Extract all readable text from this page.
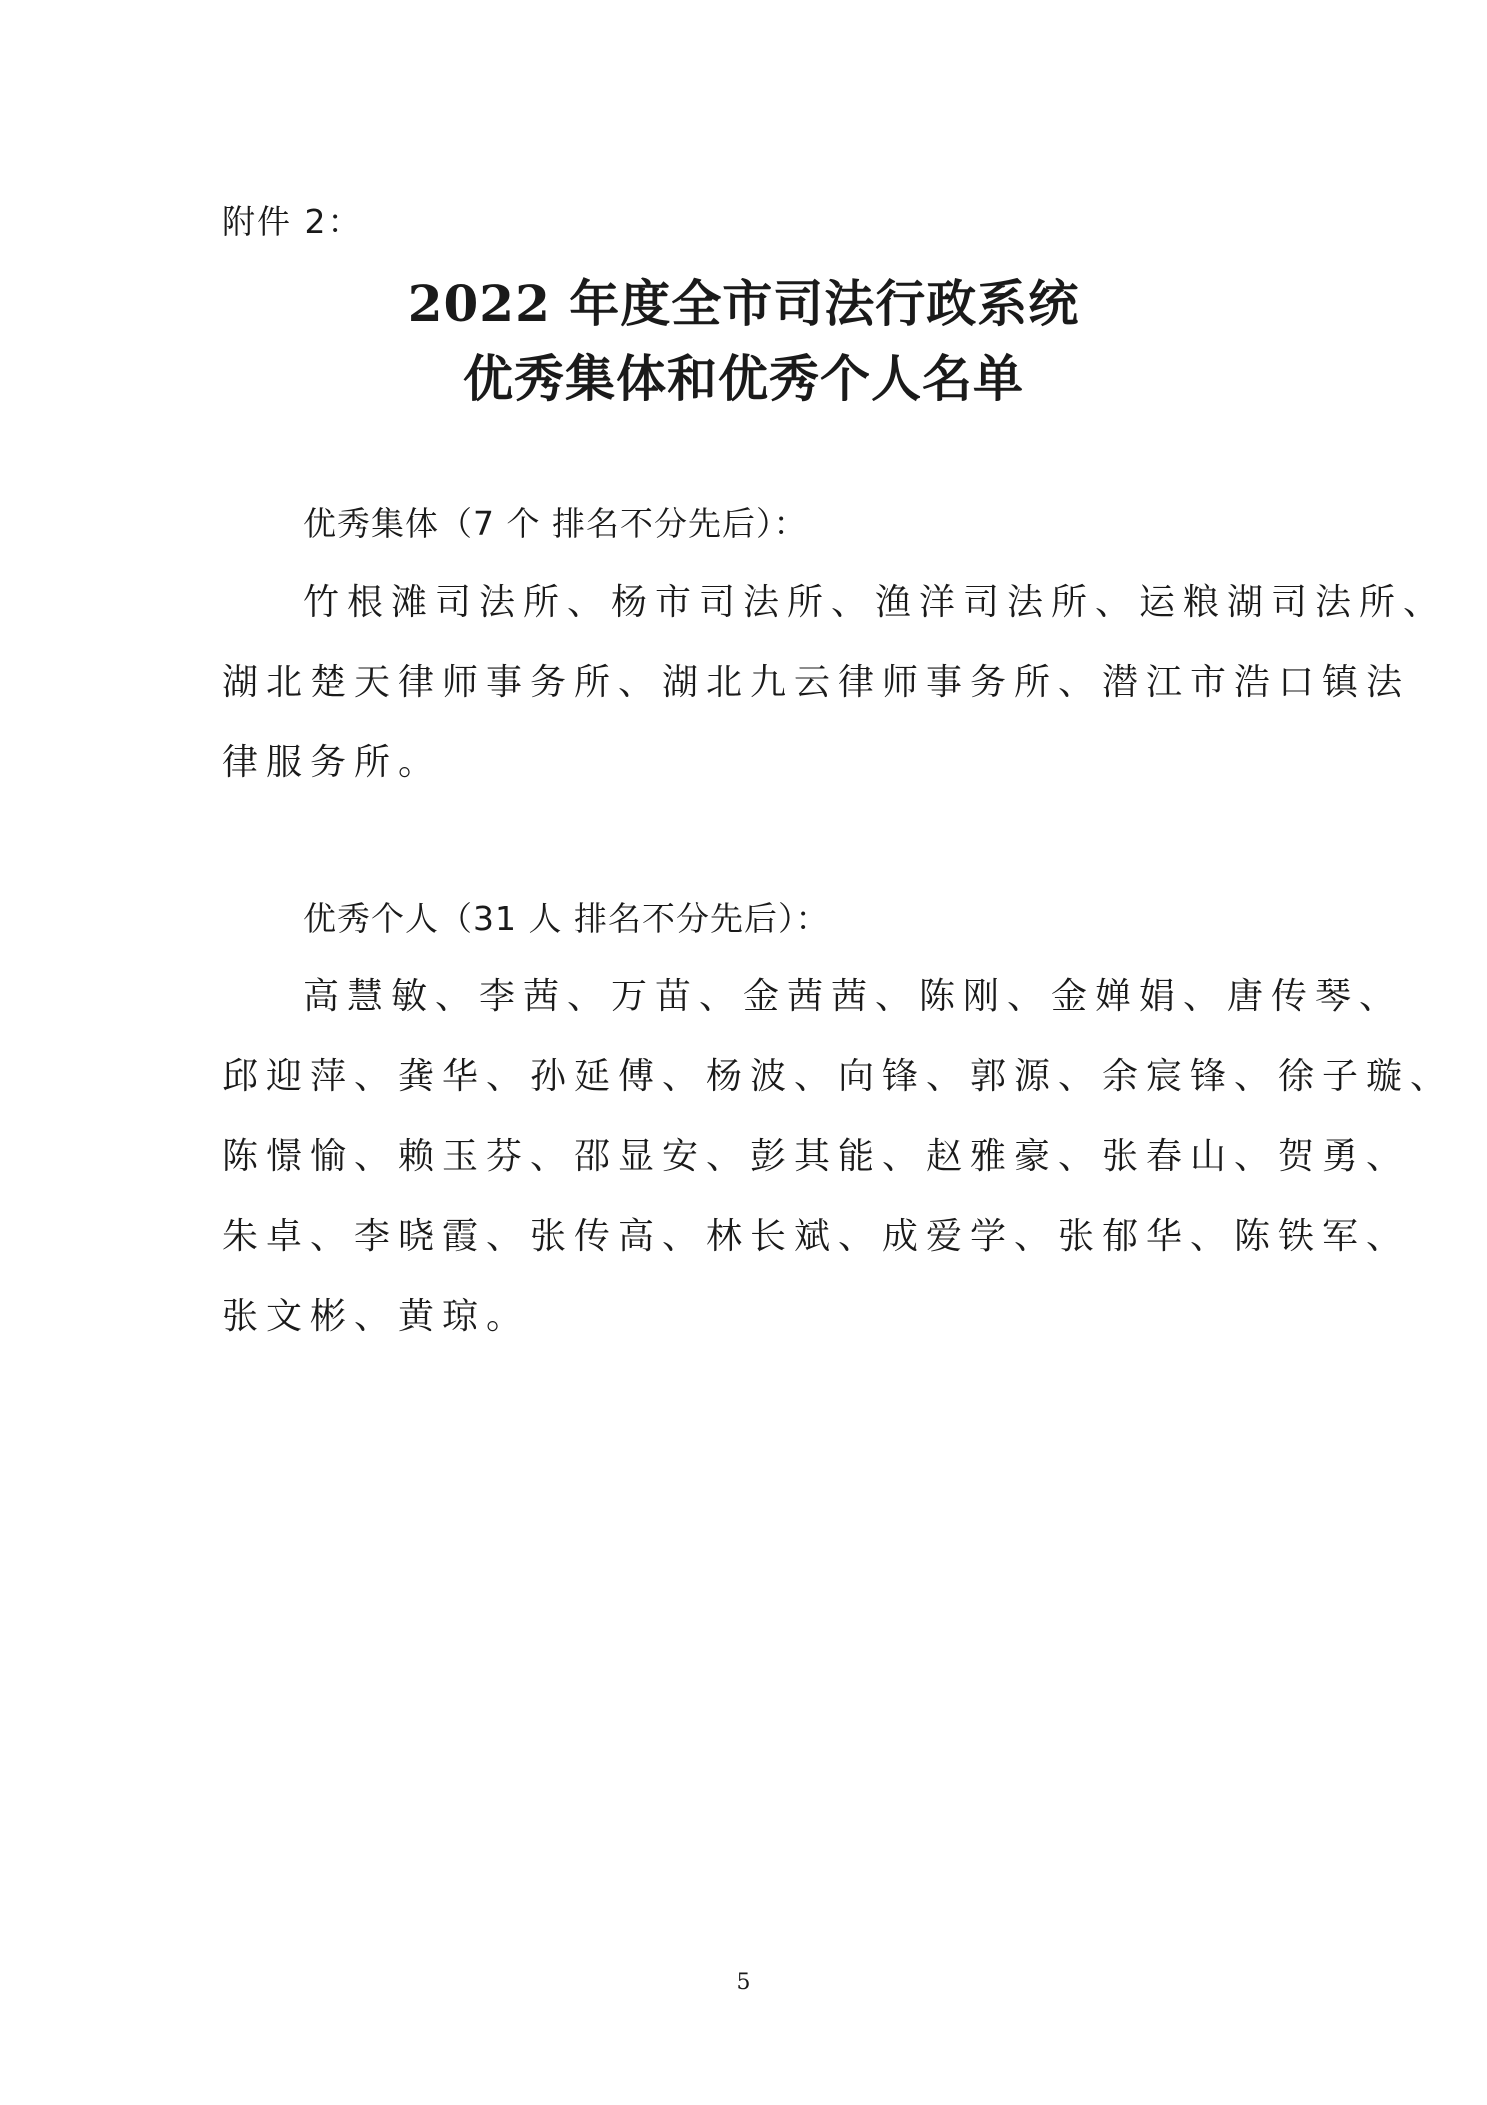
附件 2：
2022 年度全市司法行政系统
优秀集体和优秀个人名单
优秀集体（7 个 排名不分先后）：
竹根滩司法所、杨市司法所、渔洋司法所、运粮湖司法所、
湖北楚天律师事务所、湖北九云律师事务所、潜江市浩口镇法
律服务所。
优秀个人（31 人 排名不分先后）：
高慧敏、李茜、万苗、金茜茜、陈刚、金婵娟、唐传琴、
邱迎萍、龚华、孙延傅、杨波、向锋、郭源、余宸锋、徐子璇、
陈憬愉、赖玉芬、邵显安、彭其能、赵雅豪、张春山、贺勇、
朱卓、李晓霞、张传高、林长斌、成爱学、张郁华、陈铁军、
张文彬、黄琼。
5
